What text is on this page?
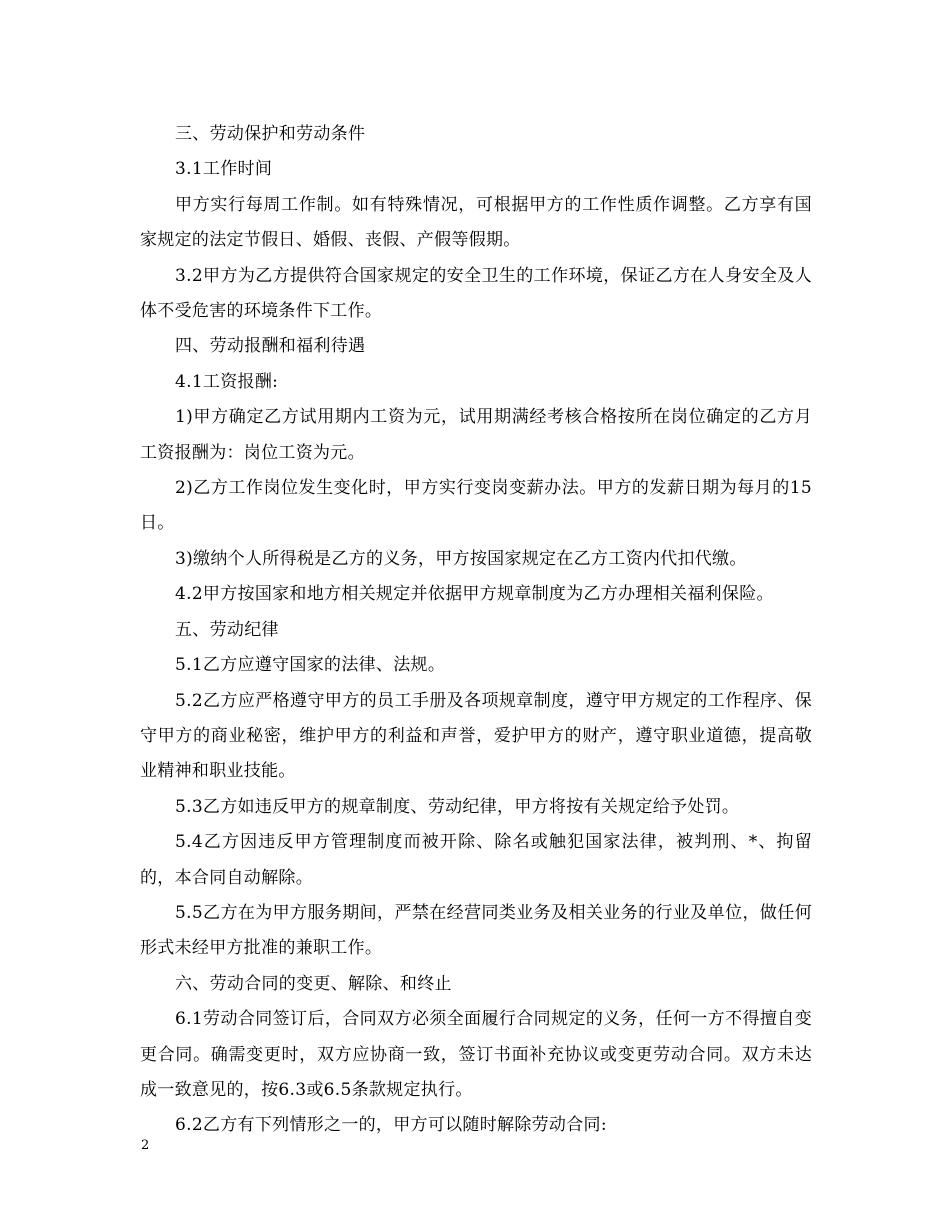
三、劳动保护和劳动条件

3.1工作时间

甲方实行每周工作制。如有特殊情况，可根据甲方的工作性质作调整。乙方享有国家规定的法定节假日、婚假、丧假、产假等假期。

3.2甲方为乙方提供符合国家规定的安全卫生的工作环境，保证乙方在人身安全及人体不受危害的环境条件下工作。

四、劳动报酬和福利待遇

4.1工资报酬:

1)甲方确定乙方试用期内工资为元，试用期满经考核合格按所在岗位确定的乙方月工资报酬为：岗位工资为元。

2)乙方工作岗位发生变化时，甲方实行变岗变薪办法。甲方的发薪日期为每月的15日。

3)缴纳个人所得税是乙方的义务，甲方按国家规定在乙方工资内代扣代缴。

4.2甲方按国家和地方相关规定并依据甲方规章制度为乙方办理相关福利保险。

五、劳动纪律

5.1乙方应遵守国家的法律、法规。

5.2乙方应严格遵守甲方的员工手册及各项规章制度，遵守甲方规定的工作程序、保守甲方的商业秘密，维护甲方的利益和声誉，爱护甲方的财产，遵守职业道德，提高敬业精神和职业技能。

5.3乙方如违反甲方的规章制度、劳动纪律，甲方将按有关规定给予处罚。

5.4乙方因违反甲方管理制度而被开除、除名或触犯国家法律，被判刑、*、拘留的，本合同自动解除。

5.5乙方在为甲方服务期间，严禁在经营同类业务及相关业务的行业及单位，做任何形式未经甲方批准的兼职工作。

六、劳动合同的变更、解除、和终止

6.1劳动合同签订后，合同双方必须全面履行合同规定的义务，任何一方不得擅自变更合同。确需变更时，双方应协商一致，签订书面补充协议或变更劳动合同。双方未达成一致意见的，按6.3或6.5条款规定执行。

6.2乙方有下列情形之一的，甲方可以随时解除劳动合同:

2
